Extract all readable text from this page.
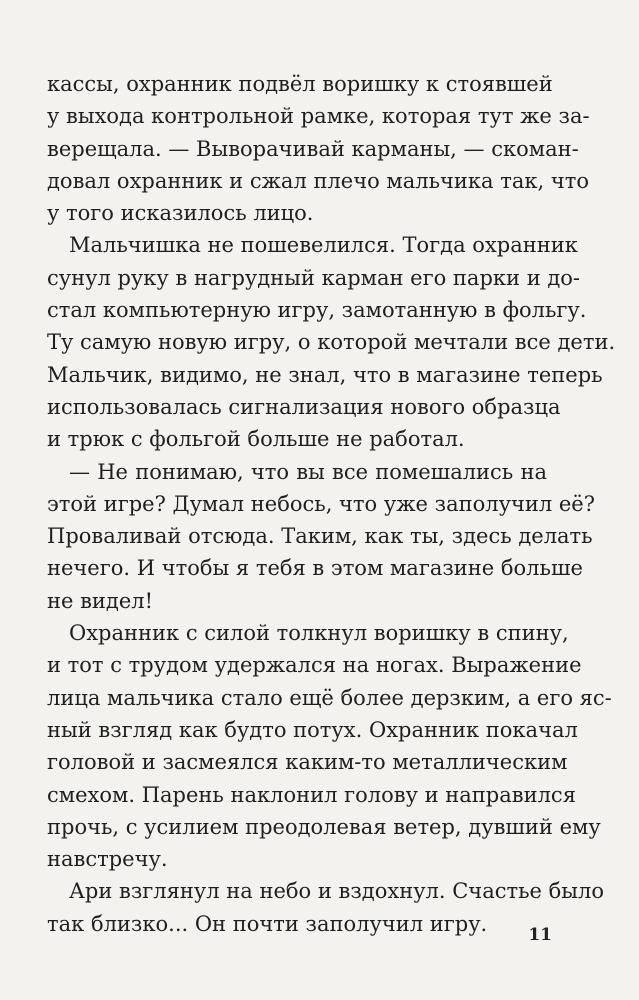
кассы, охранник подвёл воришку к стоявшей
у выхода контрольной рамке, которая тут же за-
верещала. — Выворачивай карманы, — скоман-
довал охранник и сжал плечо мальчика так, что
у того исказилось лицо.
Мальчишка не пошевелился. Тогда охранник
сунул руку в нагрудный карман его парки и до-
стал компьютерную игру, замотанную в фольгу.
Ту самую новую игру, о которой мечтали все дети.
Мальчик, видимо, не знал, что в магазине теперь
использовалась сигнализация нового образца
и трюк с фольгой больше не работал.
— Не понимаю, что вы все помешались на
этой игре? Думал небось, что уже заполучил её?
Проваливай отсюда. Таким, как ты, здесь делать
нечего. И чтобы я тебя в этом магазине больше
не видел!
Охранник с силой толкнул воришку в спину,
и тот с трудом удержался на ногах. Выражение
лица мальчика стало ещё более дерзким, а его яс-
ный взгляд как будто потух. Охранник покачал
головой и засмеялся каким-то металлическим
смехом. Парень наклонил голову и направился
прочь, с усилием преодолевая ветер, дувший ему
навстречу.
Ари взглянул на небо и вздохнул. Счастье было
так близко... Он почти заполучил игру.	11
